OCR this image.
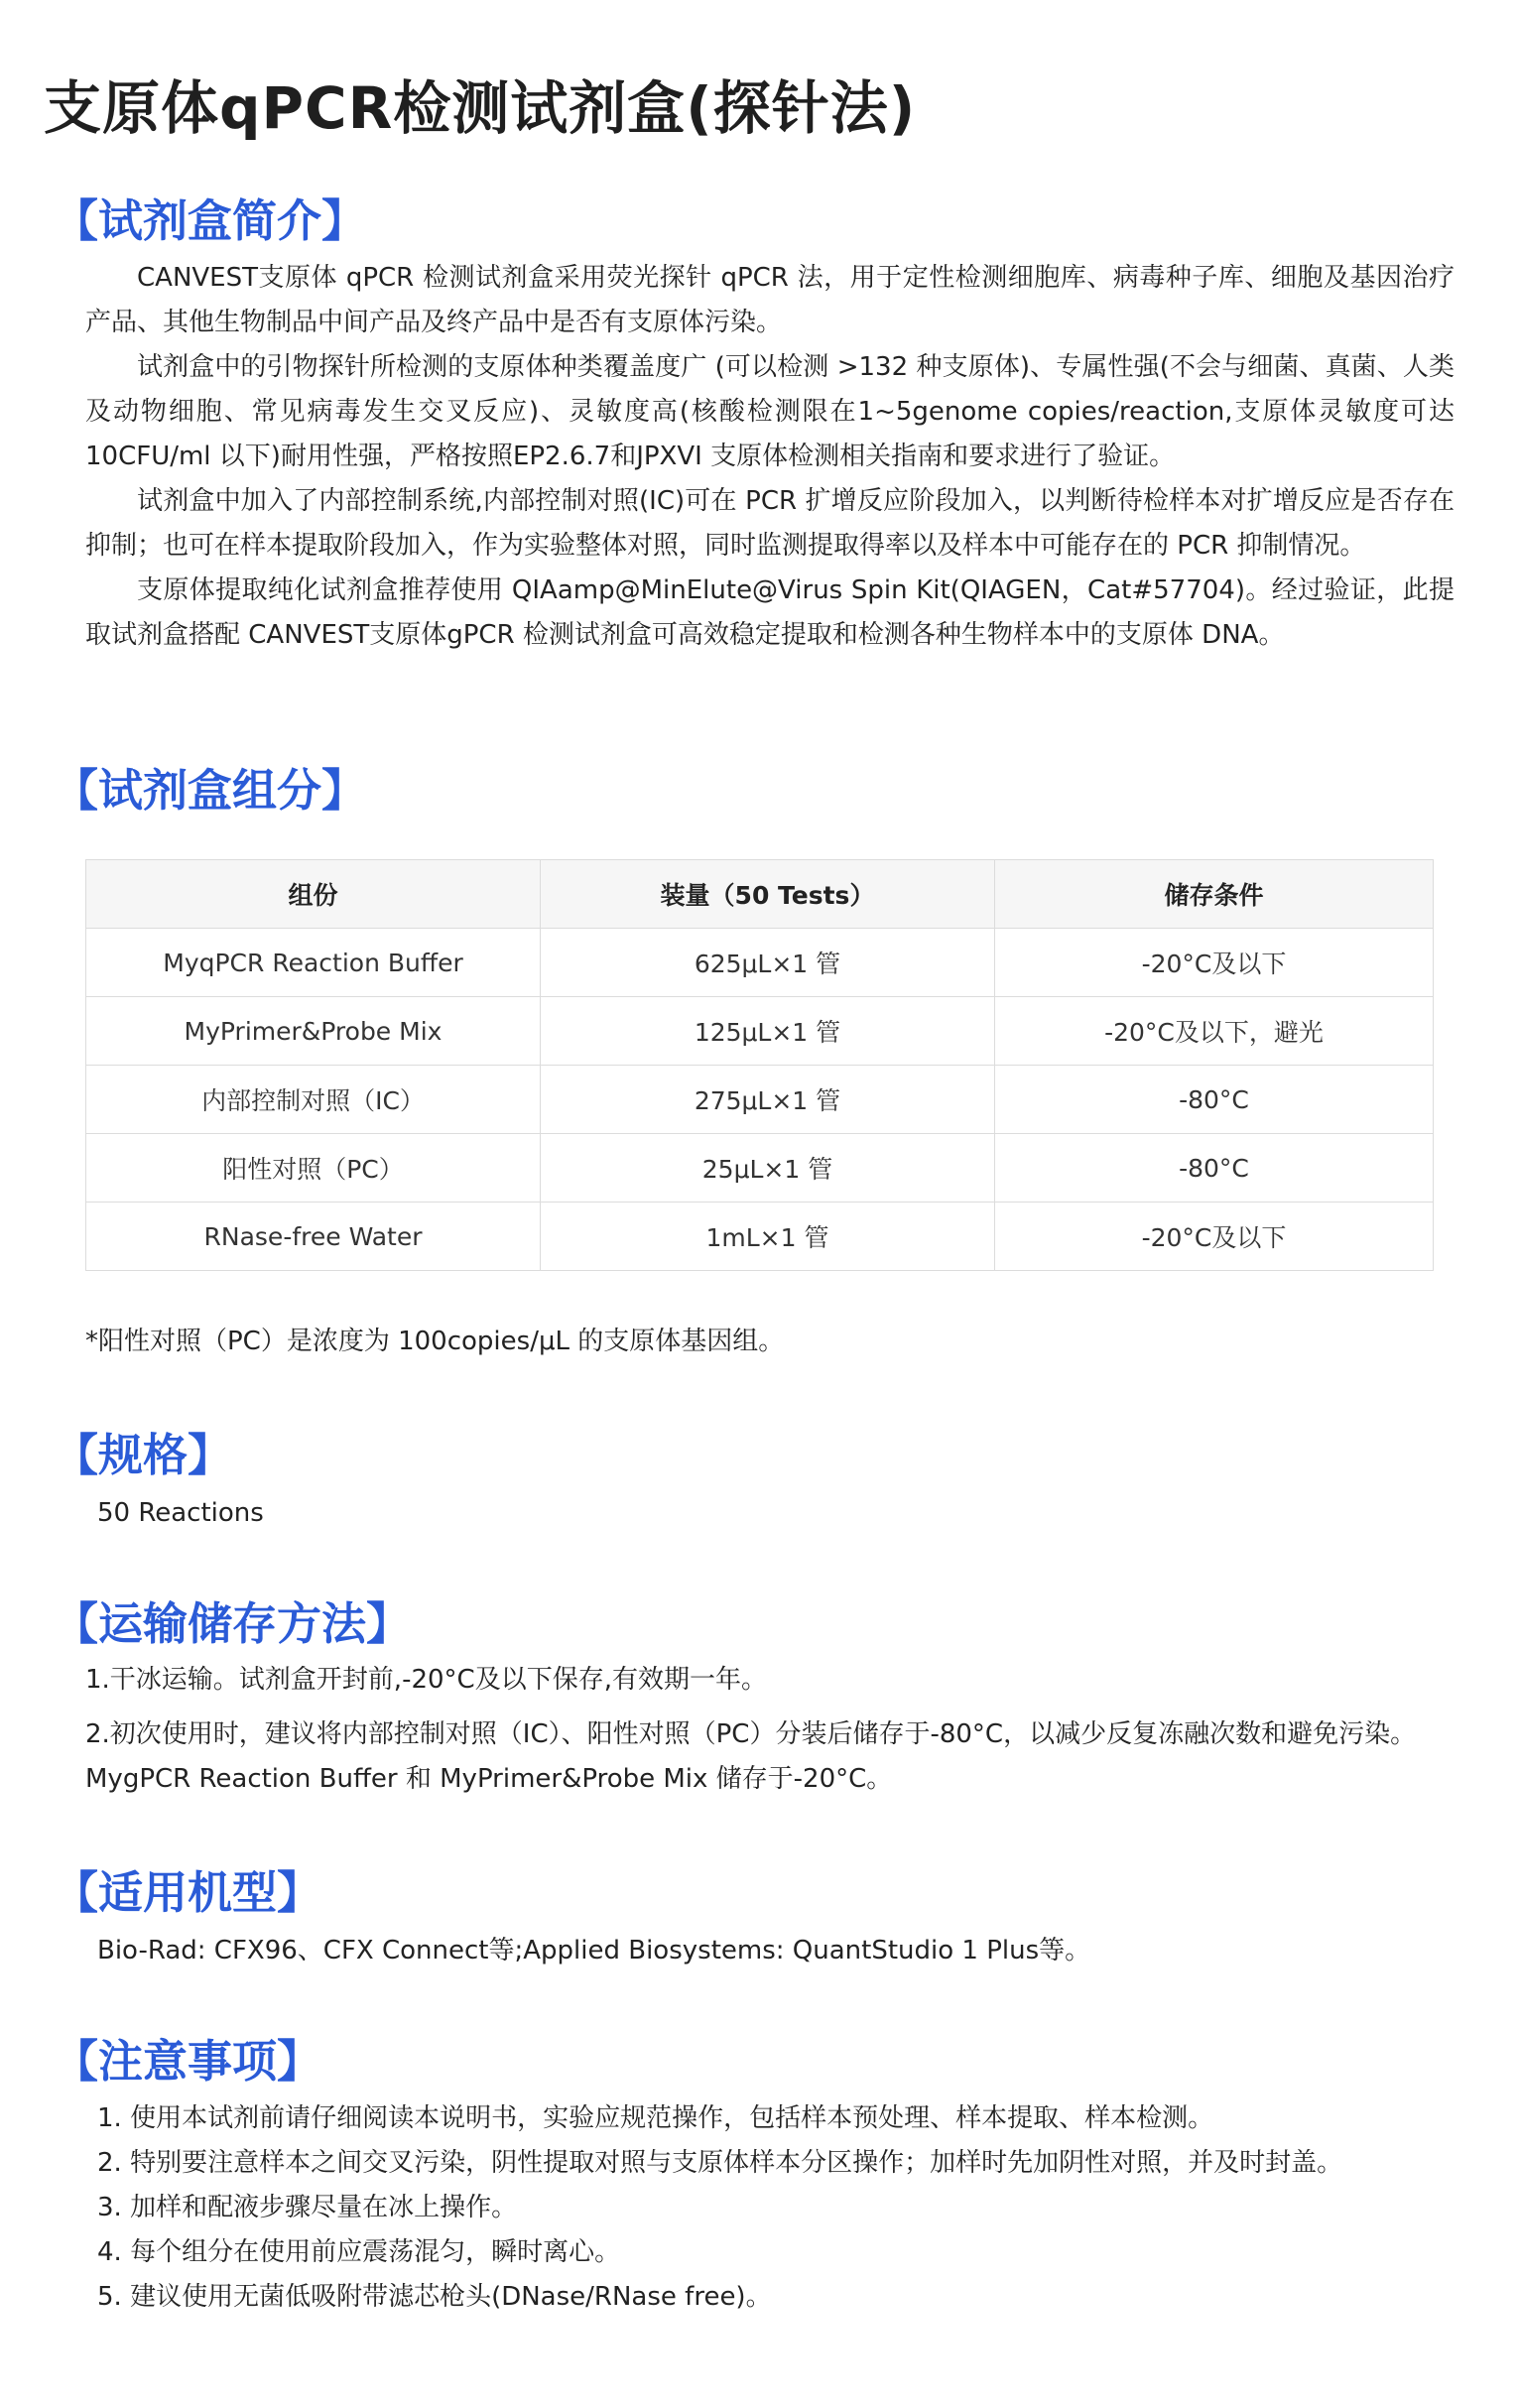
支原体qPCR检测试剂盒(探针法)
【试剂盒简介】

CANVEST支原体 qPCR 检测试剂盒采用荧光探针 qPCR 法，用于定性检测细胞库、病毒种子库、细胞及基因治疗产品、其他生物制品中间产品及终产品中是否有支原体污染。

试剂盒中的引物探针所检测的支原体种类覆盖度广 (可以检测 >132 种支原体)、专属性强(不会与细菌、真菌、人类及动物细胞、常见病毒发生交叉反应)、灵敏度高(核酸检测限在1~5genome copies/reaction,支原体灵敏度可达10CFU/ml 以下)耐用性强，严格按照EP2.6.7和JPXVI 支原体检测相关指南和要求进行了验证。

试剂盒中加入了内部控制系统,内部控制对照(IC)可在 PCR 扩增反应阶段加入，以判断待检样本对扩增反应是否存在抑制；也可在样本提取阶段加入，作为实验整体对照，同时监测提取得率以及样本中可能存在的 PCR 抑制情况。

支原体提取纯化试剂盒推荐使用 QIAamp@MinElute@Virus Spin Kit(QIAGEN，Cat#57704)。经过验证，此提取试剂盒搭配 CANVEST支原体gPCR 检测试剂盒可高效稳定提取和检测各种生物样本中的支原体 DNA。

【试剂盒组分】
组份	装量（50 Tests）	储存条件
MyqPCR Reaction Buffer	625μL×1 管	-20°C及以下
MyPrimer&Probe Mix	125μL×1 管	-20°C及以下，避光
内部控制对照（IC）	275μL×1 管	-80°C
阳性对照（PC）	25μL×1 管	-80°C
RNase-free Water	1mL×1 管	-20°C及以下
*阳性对照（PC）是浓度为 100copies/μL 的支原体基因组。
【规格】
50 Reactions
【运输储存方法】
1.干冰运输。试剂盒开封前,-20°C及以下保存,有效期一年。
2.初次使用时，建议将内部控制对照（IC）、阳性对照（PC）分装后储存于-80°C，以减少反复冻融次数和避免污染。MygPCR Reaction Buffer 和 MyPrimer&Probe Mix 储存于-20°C。
【适用机型】
Bio-Rad: CFX96、CFX Connect等;Applied Biosystems: QuantStudio 1 Plus等。
【注意事项】
1. 使用本试剂前请仔细阅读本说明书，实验应规范操作，包括样本预处理、样本提取、样本检测。
2. 特别要注意样本之间交叉污染，阴性提取对照与支原体样本分区操作；加样时先加阴性对照，并及时封盖。
3. 加样和配液步骤尽量在冰上操作。
4. 每个组分在使用前应震荡混匀，瞬时离心。
5. 建议使用无菌低吸附带滤芯枪头(DNase/RNase free)。
